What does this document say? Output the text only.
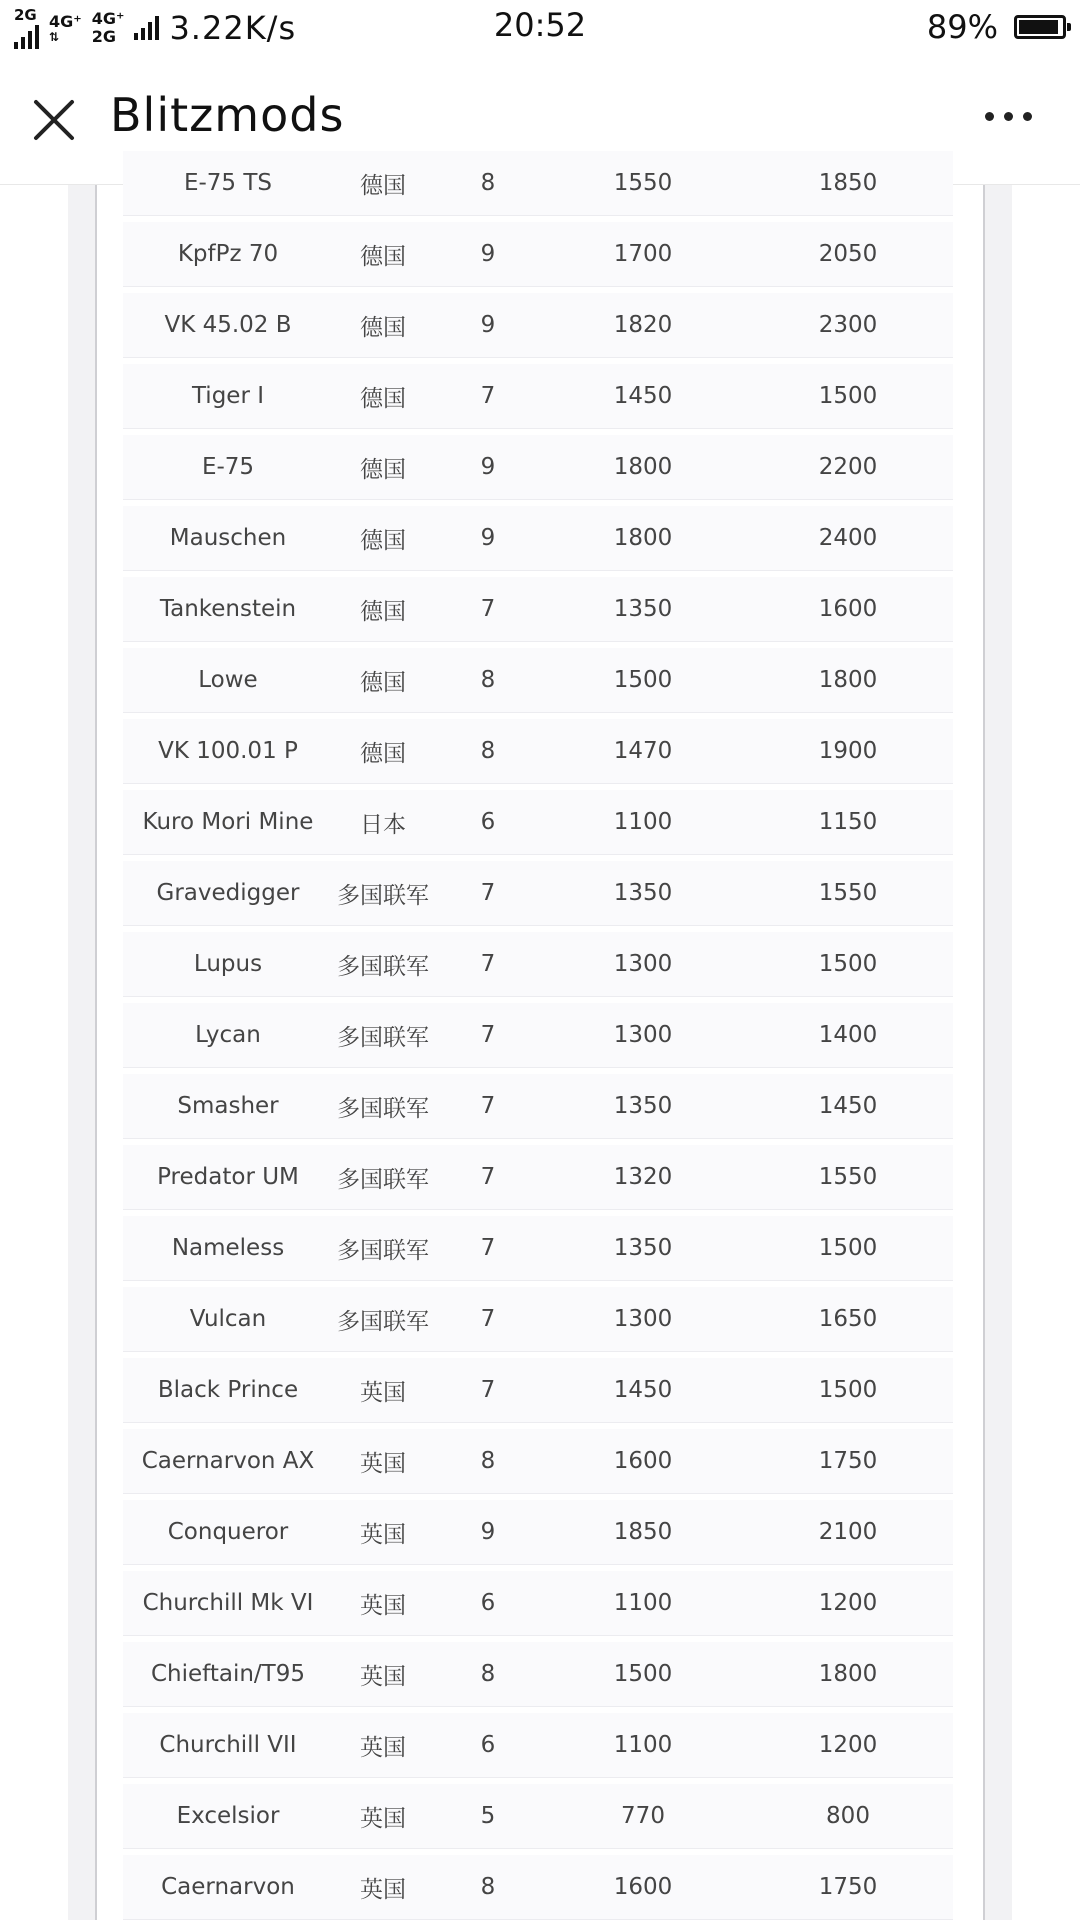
2G 4G⁺
⇅
4G⁺
2G 3.22K/s	20:52	89%
Blitzmods
E-75 TS	德国	8	1550	1850
KpfPz 70	德国	9	1700	2050
VK 45.02 B	德国	9	1820	2300
Tiger I	德国	7	1450	1500
E-75	德国	9	1800	2200
Mauschen	德国	9	1800	2400
Tankenstein	德国	7	1350	1600
Lowe	德国	8	1500	1800
VK 100.01 P	德国	8	1470	1900
Kuro Mori Mine	日本	6	1100	1150
Gravedigger	多国联军	7	1350	1550
Lupus	多国联军	7	1300	1500
Lycan	多国联军	7	1300	1400
Smasher	多国联军	7	1350	1450
Predator UM	多国联军	7	1320	1550
Nameless	多国联军	7	1350	1500
Vulcan	多国联军	7	1300	1650
Black Prince	英国	7	1450	1500
Caernarvon AX	英国	8	1600	1750
Conqueror	英国	9	1850	2100
Churchill Mk VI	英国	6	1100	1200
Chieftain/T95	英国	8	1500	1800
Churchill VII	英国	6	1100	1200
Excelsior	英国	5	770	800
Caernarvon	英国	8	1600	1750
